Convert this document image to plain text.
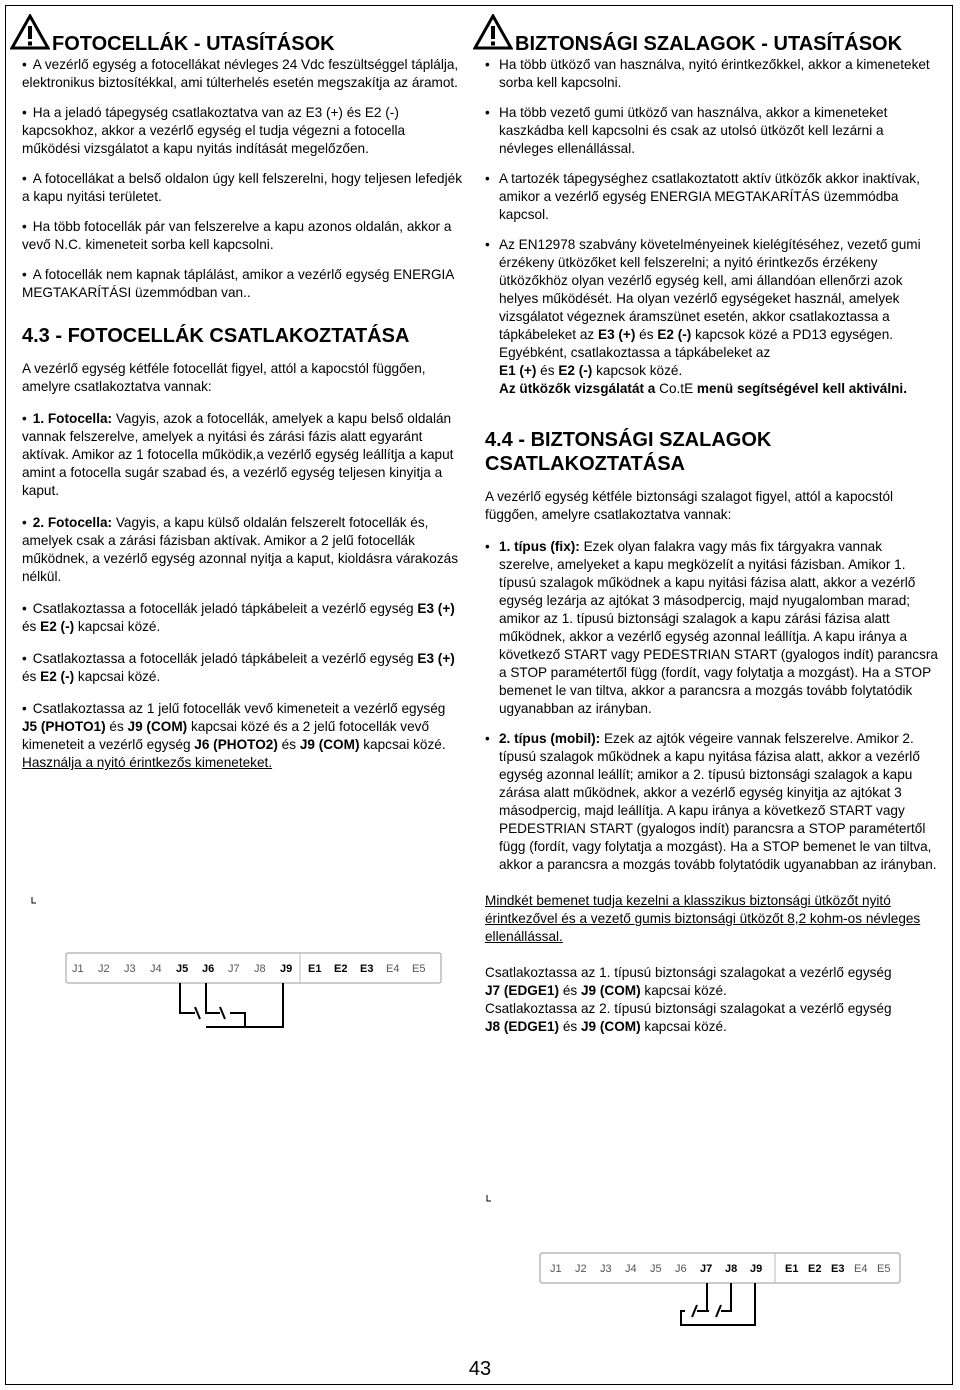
FOTOCELLÁK - UTASÍTÁSOK
• A vezérlő egység a fotocellákat névleges 24 Vdc feszültséggel táplálja, elektronikus biztosítékkal, ami túlterhelés esetén megszakítja az áramot.
• Ha a jeladó tápegység csatlakoztatva van az E3 (+) és E2 (-) kapcsokhoz, akkor a vezérlő egység el tudja végezni a fotocella működési vizsgálatot a kapu nyitás indítását megelőzően.
• A fotocellákat a belső oldalon úgy kell felszerelni, hogy teljesen lefedjék a kapu nyitási területet.
• Ha több fotocellák pár van felszerelve a kapu azonos oldalán, akkor a vevő N.C. kimeneteit sorba kell kapcsolni.
• A fotocellák nem kapnak táplálást, amikor a vezérlő egység ENERGIA MEGTAKARÍTÁSI üzemmódban van..
4.3 - FOTOCELLÁK CSATLAKOZTATÁSA

A vezérlő egység kétféle fotocellát figyel, attól a kapocstól függően, amelyre csatlakoztatva vannak:

• 1. Fotocella: Vagyis, azok a fotocellák, amelyek a kapu belső oldalán vannak felszerelve, amelyek a nyitási és zárási fázis alatt egyaránt aktívak. Amikor az 1 fotocella működik,a vezérlő egység leállítja a kaput amint a fotocella sugár szabad és, a vezérlő egység teljesen kinyitja a kaput.
• 2. Fotocella: Vagyis, a kapu külső oldalán felszerelt fotocellák és, amelyek csak a zárási fázisban aktívak. Amikor a 2 jelű fotocellák működnek, a vezérlő egység azonnal nyitja a kaput, kioldásra várakozás nélkül.
• Csatlakoztassa a fotocellák jeladó tápkábeleit a vezérlő egység E3 (+) és E2 (-) kapcsai közé.
• Csatlakoztassa a fotocellák jeladó tápkábeleit a vezérlő egység E3 (+) és E2 (-) kapcsai közé.
• Csatlakoztassa az 1 jelű fotocellák vevő kimeneteit a vezérlő egység J5 (PHOTO1) és J9 (COM) kapcsai közé és a 2 jelű fotocellák vevő kimeneteit a vezérlő egység J6 (PHOTO2) és J9 (COM) kapcsai közé.
Használja a nyitó érintkezős kimeneteket.
J1 J2 J3 J4 J5 J6 J7 J8 J9 E1 E2 E3 E4 E5
BIZTONSÁGI SZALAGOK - UTASÍTÁSOK
• Ha több ütköző van használva, nyitó érintkezőkkel, akkor a kimeneteket sorba kell kapcsolni.
• Ha több vezető gumi ütköző van használva, akkor a kimeneteket kaszkádba kell kapcsolni és csak az utolsó ütközőt kell lezárni a névleges ellenállással.
• A tartozék tápegységhez csatlakoztatott aktív ütközők akkor inaktívak, amikor a vezérlő egység ENERGIA MEGTAKARÍTÁS üzemmódba kapcsol.
• Az EN12978 szabvány követelményeinek kielégítéséhez, vezető gumi érzékeny ütközőket kell felszerelni; a nyitó érintkezős érzékeny ütközőkhöz olyan vezérlő egység kell, ami állandóan ellenőrzi azok helyes működését. Ha olyan vezérlő egységeket használ, amelyek vizsgálatot végeznek áramszünet esetén, akkor csatlakoztassa a tápkábeleket az E3 (+) és E2 (-) kapcsok közé a PD13 egységen.
Egyébként, csatlakoztassa a tápkábeleket az
E1 (+) és E2 (-) kapcsok közé.
Az ütközők vizsgálatát a Co.tE menü segítségével kell aktiválni.
4.4 - BIZTONSÁGI SZALAGOK CSATLAKOZTATÁSA

A vezérlő egység kétféle biztonsági szalagot figyel, attól a kapocstól függően, amelyre csatlakoztatva vannak:

• 1. típus (fix): Ezek olyan falakra vagy más fix tárgyakra vannak szerelve, amelyeket a kapu megközelít a nyitási fázisban. Amikor 1. típusú szalagok működnek a kapu nyitási fázisa alatt, akkor a vezérlő egység lezárja az ajtókat 3 másodpercig, majd nyugalomban marad; amikor az 1. típusú biztonsági szalagok a kapu zárási fázisa alatt működnek, akkor a vezérlő egység azonnal leállítja. A kapu iránya a következő START vagy PEDESTRIAN START (gyalogos indít) parancsra a STOP paramétertől függ (fordít, vagy folytatja a mozgást). Ha a STOP bemenet le van tiltva, akkor a parancsra a mozgás tovább folytatódik ugyanabban az irányban.
• 2. típus (mobil): Ezek az ajtók végeire vannak felszerelve. Amikor 2. típusú szalagok működnek a kapu nyitása fázisa alatt, akkor a vezérlő egység azonnal leállít; amikor a 2. típusú biztonsági szalagok a kapu zárása alatt működnek, akkor a vezérlő egység kinyitja az ajtókat 3 másodpercig, majd leállítja. A kapu iránya a következő START vagy PEDESTRIAN START (gyalogos indít) parancsra a STOP paramétertől függ (fordít, vagy folytatja a mozgást). Ha a STOP bemenet le van tiltva, akkor a parancsra a mozgás tovább folytatódik ugyanabban az irányban.

Mindkét bemenet tudja kezelni a klasszikus biztonsági ütközőt nyitó érintkezővel és a vezető gumis biztonsági ütközőt 8,2 kohm-os névleges ellenállással.

Csatlakoztassa az 1. típusú biztonsági szalagokat a vezérlő egység
J7 (EDGE1) és J9 (COM) kapcsai közé.
Csatlakoztassa az 2. típusú biztonsági szalagokat a vezérlő egység
J8 (EDGE1) és J9 (COM) kapcsai közé.

J1 J2 J3 J4 J5 J6 J7 J8 J9 E1 E2 E3 E4 E5
43
